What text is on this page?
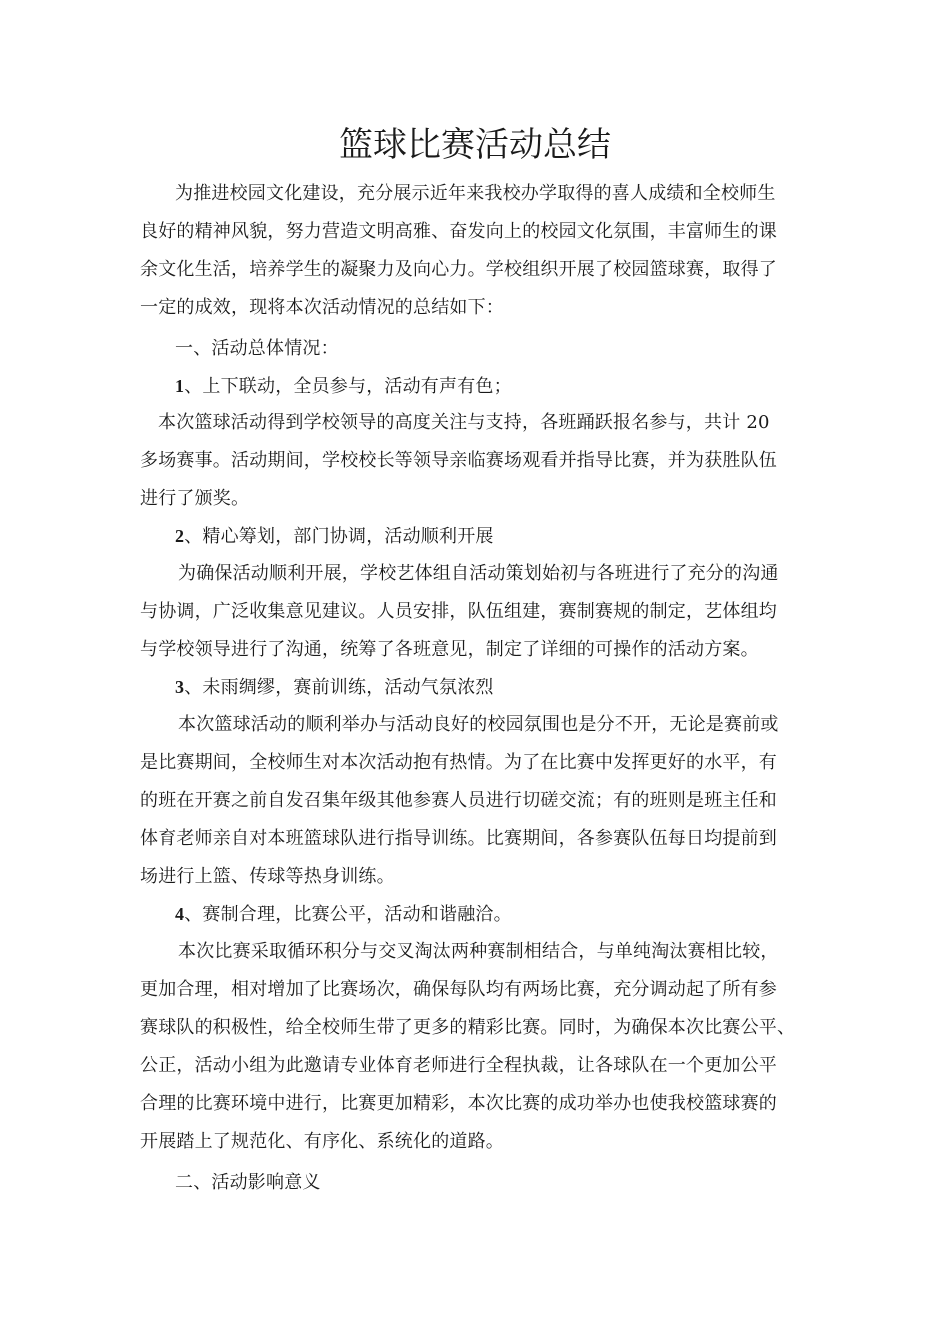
篮球比赛活动总结
为推进校园文化建设，充分展示近年来我校办学取得的喜人成绩和全校师生
良好的精神风貌，努力营造文明高雅、奋发向上的校园文化氛围，丰富师生的课
余文化生活，培养学生的凝聚力及向心力。学校组织开展了校园篮球赛，取得了
一定的成效，现将本次活动情况的总结如下：
一、活动总体情况：
1、上下联动，全员参与，活动有声有色；
本次篮球活动得到学校领导的高度关注与支持，各班踊跃报名参与，共计 20
多场赛事。活动期间，学校校长等领导亲临赛场观看并指导比赛，并为获胜队伍
进行了颁奖。
2、精心筹划，部门协调，活动顺利开展
为确保活动顺利开展，学校艺体组自活动策划始初与各班进行了充分的沟通
与协调，广泛收集意见建议。人员安排，队伍组建，赛制赛规的制定，艺体组均
与学校领导进行了沟通，统筹了各班意见，制定了详细的可操作的活动方案。
3、未雨绸缪，赛前训练，活动气氛浓烈
本次篮球活动的顺利举办与活动良好的校园氛围也是分不开，无论是赛前或
是比赛期间，全校师生对本次活动抱有热情。为了在比赛中发挥更好的水平，有
的班在开赛之前自发召集年级其他参赛人员进行切磋交流；有的班则是班主任和
体育老师亲自对本班篮球队进行指导训练。比赛期间，各参赛队伍每日均提前到
场进行上篮、传球等热身训练。
4、赛制合理，比赛公平，活动和谐融洽。
本次比赛采取循环积分与交叉淘汰两种赛制相结合，与单纯淘汰赛相比较，
更加合理，相对增加了比赛场次，确保每队均有两场比赛，充分调动起了所有参
赛球队的积极性，给全校师生带了更多的精彩比赛。同时，为确保本次比赛公平、
公正，活动小组为此邀请专业体育老师进行全程执裁，让各球队在一个更加公平
合理的比赛环境中进行，比赛更加精彩，本次比赛的成功举办也使我校篮球赛的
开展踏上了规范化、有序化、系统化的道路。
二、活动影响意义
